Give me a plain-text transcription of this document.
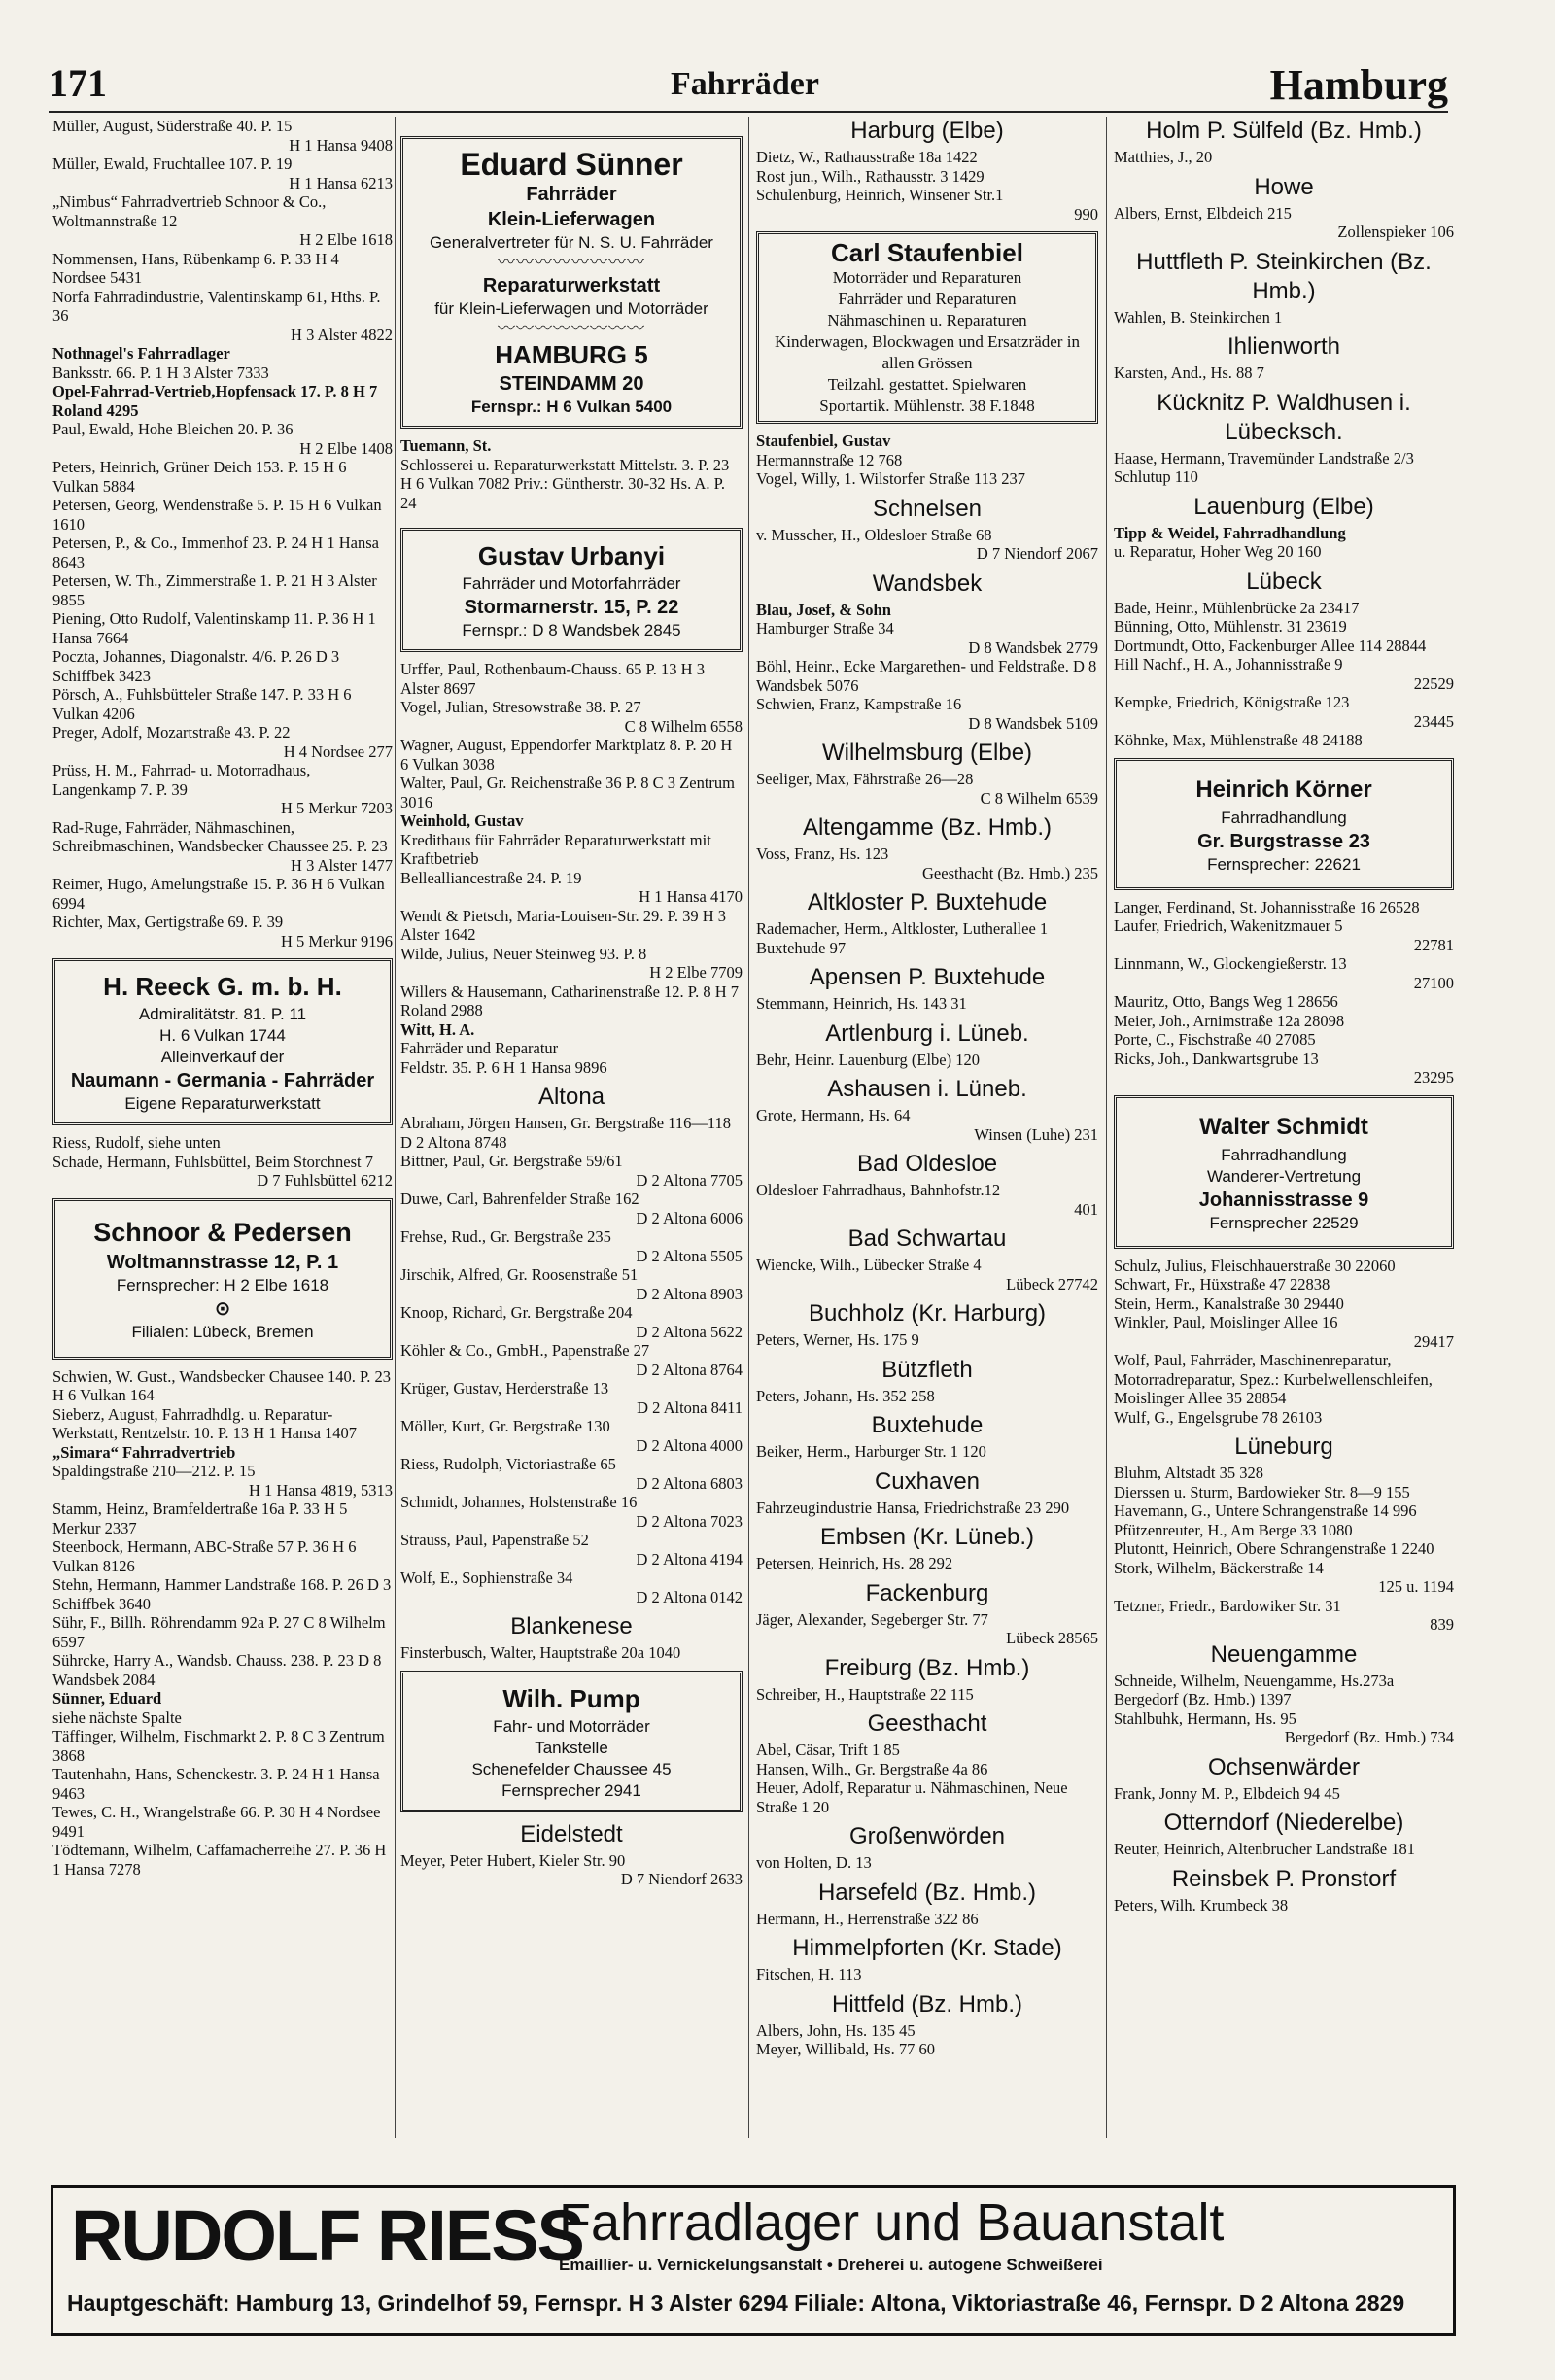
171	Fahrräder	Hamburg

Müller, August, Süderstraße 40. P. 15

H 1 Hansa 9408

Müller, Ewald, Fruchtallee 107. P. 19

H 1 Hansa 6213

„Nimbus“ Fahrradvertrieb Schnoor & Co., Woltmannstraße 12

H 2 Elbe 1618

Nommensen, Hans, Rübenkamp 6. P. 33 H 4 Nordsee 5431

Norfa Fahrradindustrie, Valentinskamp 61, Hths. P. 36

H 3 Alster 4822

Nothnagel's Fahrradlager

Banksstr. 66. P. 1 H 3 Alster 7333

Opel-Fahrrad-Vertrieb,Hopfensack 17. P. 8 H 7 Roland 4295

Paul, Ewald, Hohe Bleichen 20. P. 36

H 2 Elbe 1408

Peters, Heinrich, Grüner Deich 153. P. 15 H 6 Vulkan 5884

Petersen, Georg, Wendenstraße 5. P. 15 H 6 Vulkan 1610

Petersen, P., & Co., Immenhof 23. P. 24 H 1 Hansa 8643

Petersen, W. Th., Zimmerstraße 1. P. 21 H 3 Alster 9855

Piening, Otto Rudolf, Valentinskamp 11. P. 36 H 1 Hansa 7664

Poczta, Johannes, Diagonalstr. 4/6. P. 26 D 3 Schiffbek 3423

Pörsch, A., Fuhlsbütteler Straße 147. P. 33 H 6 Vulkan 4206

Preger, Adolf, Mozartstraße 43. P. 22

H 4 Nordsee 277

Prüss, H. M., Fahrrad- u. Motorradhaus, Langenkamp 7. P. 39

H 5 Merkur 7203

Rad-Ruge, Fahrräder, Nähmaschinen, Schreibmaschinen, Wandsbecker Chaussee 25. P. 23

H 3 Alster 1477

Reimer, Hugo, Amelungstraße 15. P. 36 H 6 Vulkan 6994

Richter, Max, Gertigstraße 69. P. 39

H 5 Merkur 9196

H. Reeck G. m. b. H.
Admiralitätstr. 81. P. 11
H. 6 Vulkan 1744
Alleinverkauf der
Naumann - Germania - Fahrräder
Eigene Reparaturwerkstatt

Riess, Rudolf, siehe unten

Schade, Hermann, Fuhlsbüttel, Beim Storchnest 7

D 7 Fuhlsbüttel 6212

Schnoor & Pedersen
Woltmannstrasse 12, P. 1
Fernsprecher: H 2 Elbe 1618
⊙
Filialen: Lübeck, Bremen

Schwien, W. Gust., Wandsbecker Chausee 140. P. 23 H 6 Vulkan 164

Sieberz, August, Fahrradhdlg. u. Reparatur-Werkstatt, Rentzelstr. 10. P. 13 H 1 Hansa 1407

„Simara“ Fahrradvertrieb

Spaldingstraße 210—212. P. 15

H 1 Hansa 4819, 5313

Stamm, Heinz, Bramfeldertraße 16a P. 33 H 5 Merkur 2337

Steenbock, Hermann, ABC-Straße 57 P. 36 H 6 Vulkan 8126

Stehn, Hermann, Hammer Landstraße 168. P. 26 D 3 Schiffbek 3640

Sühr, F., Billh. Röhrendamm 92a P. 27 C 8 Wilhelm 6597

Sührcke, Harry A., Wandsb. Chauss. 238. P. 23 D 8 Wandsbek 2084

Sünner, Eduard

siehe nächste Spalte

Täffinger, Wilhelm, Fischmarkt 2. P. 8 C 3 Zentrum 3868

Tautenhahn, Hans, Schenckestr. 3. P. 24 H 1 Hansa 9463

Tewes, C. H., Wrangelstraße 66. P. 30 H 4 Nordsee 9491

Tödtemann, Wilhelm, Caffamacherreihe 27. P. 36 H 1 Hansa 7278

Eduard Sünner
Fahrräder
Klein-Lieferwagen
Generalvertreter für N. S. U. Fahrräder
〰〰〰〰〰〰〰〰
Reparaturwerkstatt
für Klein-Lieferwagen und Motorräder
〰〰〰〰〰〰〰〰
HAMBURG 5
STEINDAMM 20
Fernspr.: H 6 Vulkan 5400

Tuemann, St.

Schlosserei u. Reparaturwerkstatt Mittelstr. 3. P. 23 H 6 Vulkan 7082 Priv.: Güntherstr. 30-32 Hs. A. P. 24

Gustav Urbanyi
Fahrräder und Motorfahrräder
Stormarnerstr. 15, P. 22
Fernspr.: D 8 Wandsbek 2845

Urffer, Paul, Rothenbaum-Chauss. 65 P. 13 H 3 Alster 8697

Vogel, Julian, Stresowstraße 38. P. 27

C 8 Wilhelm 6558

Wagner, August, Eppendorfer Marktplatz 8. P. 20 H 6 Vulkan 3038

Walter, Paul, Gr. Reichenstraße 36 P. 8 C 3 Zentrum 3016

Weinhold, Gustav

Kredithaus für Fahrräder Reparaturwerkstatt mit Kraftbetrieb

Bellealliancestraße 24. P. 19

H 1 Hansa 4170

Wendt & Pietsch, Maria-Louisen-Str. 29. P. 39 H 3 Alster 1642

Wilde, Julius, Neuer Steinweg 93. P. 8

H 2 Elbe 7709

Willers & Hausemann, Catharinenstraße 12. P. 8 H 7 Roland 2988

Witt, H. A.

Fahrräder und Reparatur

Feldstr. 35. P. 6 H 1 Hansa 9896

Altona

Abraham, Jörgen Hansen, Gr. Bergstraße 116—118 D 2 Altona 8748

Bittner, Paul, Gr. Bergstraße 59/61

D 2 Altona 7705

Duwe, Carl, Bahrenfelder Straße 162

D 2 Altona 6006

Frehse, Rud., Gr. Bergstraße 235

D 2 Altona 5505

Jirschik, Alfred, Gr. Roosenstraße 51

D 2 Altona 8903

Knoop, Richard, Gr. Bergstraße 204

D 2 Altona 5622

Köhler & Co., GmbH., Papenstraße 27

D 2 Altona 8764

Krüger, Gustav, Herderstraße 13

D 2 Altona 8411

Möller, Kurt, Gr. Bergstraße 130

D 2 Altona 4000

Riess, Rudolph, Victoriastraße 65

D 2 Altona 6803

Schmidt, Johannes, Holstenstraße 16

D 2 Altona 7023

Strauss, Paul, Papenstraße 52

D 2 Altona 4194

Wolf, E., Sophienstraße 34

D 2 Altona 0142

Blankenese

Finsterbusch, Walter, Hauptstraße 20a 1040

Wilh. Pump
Fahr- und Motorräder
Tankstelle
Schenefelder Chaussee 45
Fernsprecher 2941
Eidelstedt

Meyer, Peter Hubert, Kieler Str. 90

D 7 Niendorf 2633

Harburg (Elbe)

Dietz, W., Rathausstraße 18a 1422

Rost jun., Wilh., Rathausstr. 3 1429

Schulenburg, Heinrich, Winsener Str.1

990

Carl Staufenbiel
Motorräder und Reparaturen
Fahrräder und Reparaturen
Nähmaschinen u. Reparaturen
Kinderwagen, Blockwagen und Ersatzräder in allen Grössen
Teilzahl. gestattet. Spielwaren
Sportartik. Mühlenstr. 38 F.1848

Staufenbiel, Gustav

Hermannstraße 12 768

Vogel, Willy, 1. Wilstorfer Straße 113 237

Schnelsen

v. Musscher, H., Oldesloer Straße 68

D 7 Niendorf 2067

Wandsbek

Blau, Josef, & Sohn

Hamburger Straße 34

D 8 Wandsbek 2779

Böhl, Heinr., Ecke Margarethen- und Feldstraße. D 8 Wandsbek 5076

Schwien, Franz, Kampstraße 16

D 8 Wandsbek 5109

Wilhelmsburg (Elbe)

Seeliger, Max, Fährstraße 26—28

C 8 Wilhelm 6539

Altengamme (Bz. Hmb.)

Voss, Franz, Hs. 123

Geesthacht (Bz. Hmb.) 235

Altkloster P. Buxtehude

Rademacher, Herm., Altkloster, Lutherallee 1 Buxtehude 97

Apensen P. Buxtehude

Stemmann, Heinrich, Hs. 143 31

Artlenburg i. Lüneb.

Behr, Heinr. Lauenburg (Elbe) 120

Ashausen i. Lüneb.

Grote, Hermann, Hs. 64

Winsen (Luhe) 231

Bad Oldesloe

Oldesloer Fahrradhaus, Bahnhofstr.12

401

Bad Schwartau

Wiencke, Wilh., Lübecker Straße 4

Lübeck 27742

Buchholz (Kr. Harburg)

Peters, Werner, Hs. 175 9

Bützfleth

Peters, Johann, Hs. 352 258

Buxtehude

Beiker, Herm., Harburger Str. 1 120

Cuxhaven

Fahrzeugindustrie Hansa, Friedrichstraße 23 290

Embsen (Kr. Lüneb.)

Petersen, Heinrich, Hs. 28 292

Fackenburg

Jäger, Alexander, Segeberger Str. 77

Lübeck 28565

Freiburg (Bz. Hmb.)

Schreiber, H., Hauptstraße 22 115

Geesthacht

Abel, Cäsar, Trift 1 85

Hansen, Wilh., Gr. Bergstraße 4a 86

Heuer, Adolf, Reparatur u. Nähmaschinen, Neue Straße 1 20

Großenwörden

von Holten, D. 13

Harsefeld (Bz. Hmb.)

Hermann, H., Herrenstraße 322 86

Himmelpforten (Kr. Stade)

Fitschen, H. 113

Hittfeld (Bz. Hmb.)

Albers, John, Hs. 135 45

Meyer, Willibald, Hs. 77 60

Holm P. Sülfeld (Bz. Hmb.)

Matthies, J., 20

Howe

Albers, Ernst, Elbdeich 215

Zollenspieker 106

Huttfleth P. Steinkirchen (Bz. Hmb.)

Wahlen, B. Steinkirchen 1

Ihlienworth

Karsten, And., Hs. 88 7

Kücknitz P. Waldhusen i. Lübecksch.

Haase, Hermann, Travemünder Landstraße 2/3 Schlutup 110

Lauenburg (Elbe)

Tipp & Weidel, Fahrradhandlung

u. Reparatur, Hoher Weg 20 160

Lübeck

Bade, Heinr., Mühlenbrücke 2a 23417

Bünning, Otto, Mühlenstr. 31 23619

Dortmundt, Otto, Fackenburger Allee 114 28844

Hill Nachf., H. A., Johannisstraße 9

22529

Kempke, Friedrich, Königstraße 123

23445

Köhnke, Max, Mühlenstraße 48 24188

Heinrich Körner
Fahrradhandlung
Gr. Burgstrasse 23
Fernsprecher: 22621

Langer, Ferdinand, St. Johannisstraße 16 26528

Laufer, Friedrich, Wakenitzmauer 5

22781

Linnmann, W., Glockengießerstr. 13

27100

Mauritz, Otto, Bangs Weg 1 28656

Meier, Joh., Arnimstraße 12a 28098

Porte, C., Fischstraße 40 27085

Ricks, Joh., Dankwartsgrube 13

23295

Walter Schmidt
Fahrradhandlung
Wanderer-Vertretung
Johannisstrasse 9
Fernsprecher 22529

Schulz, Julius, Fleischhauerstraße 30 22060

Schwart, Fr., Hüxstraße 47 22838

Stein, Herm., Kanalstraße 30 29440

Winkler, Paul, Moislinger Allee 16

29417

Wolf, Paul, Fahrräder, Maschinenreparatur, Motorradreparatur, Spez.: Kurbelwellenschleifen, Moislinger Allee 35 28854

Wulf, G., Engelsgrube 78 26103

Lüneburg

Bluhm, Altstadt 35 328

Dierssen u. Sturm, Bardowieker Str. 8—9 155

Havemann, G., Untere Schrangenstraße 14 996

Pfützenreuter, H., Am Berge 33 1080

Plutontt, Heinrich, Obere Schrangenstraße 1 2240

Stork, Wilhelm, Bäckerstraße 14

125 u. 1194

Tetzner, Friedr., Bardowiker Str. 31

839

Neuengamme

Schneide, Wilhelm, Neuengamme, Hs.273a Bergedorf (Bz. Hmb.) 1397

Stahlbuhk, Hermann, Hs. 95

Bergedorf (Bz. Hmb.) 734

Ochsenwärder

Frank, Jonny M. P., Elbdeich 94 45

Otterndorf (Niederelbe)

Reuter, Heinrich, Altenbrucher Landstraße 181

Reinsbek P. Pronstorf

Peters, Wilh. Krumbeck 38

RUDOLF RIESS
Fahrradlager und Bauanstalt
Emaillier- u. Vernickelungsanstalt • Dreherei u. autogene Schweißerei
Hauptgeschäft: Hamburg 13, Grindelhof 59, Fernspr. H 3 Alster 6294 Filiale: Altona, Viktoriastraße 46, Fernspr. D 2 Altona 2829
